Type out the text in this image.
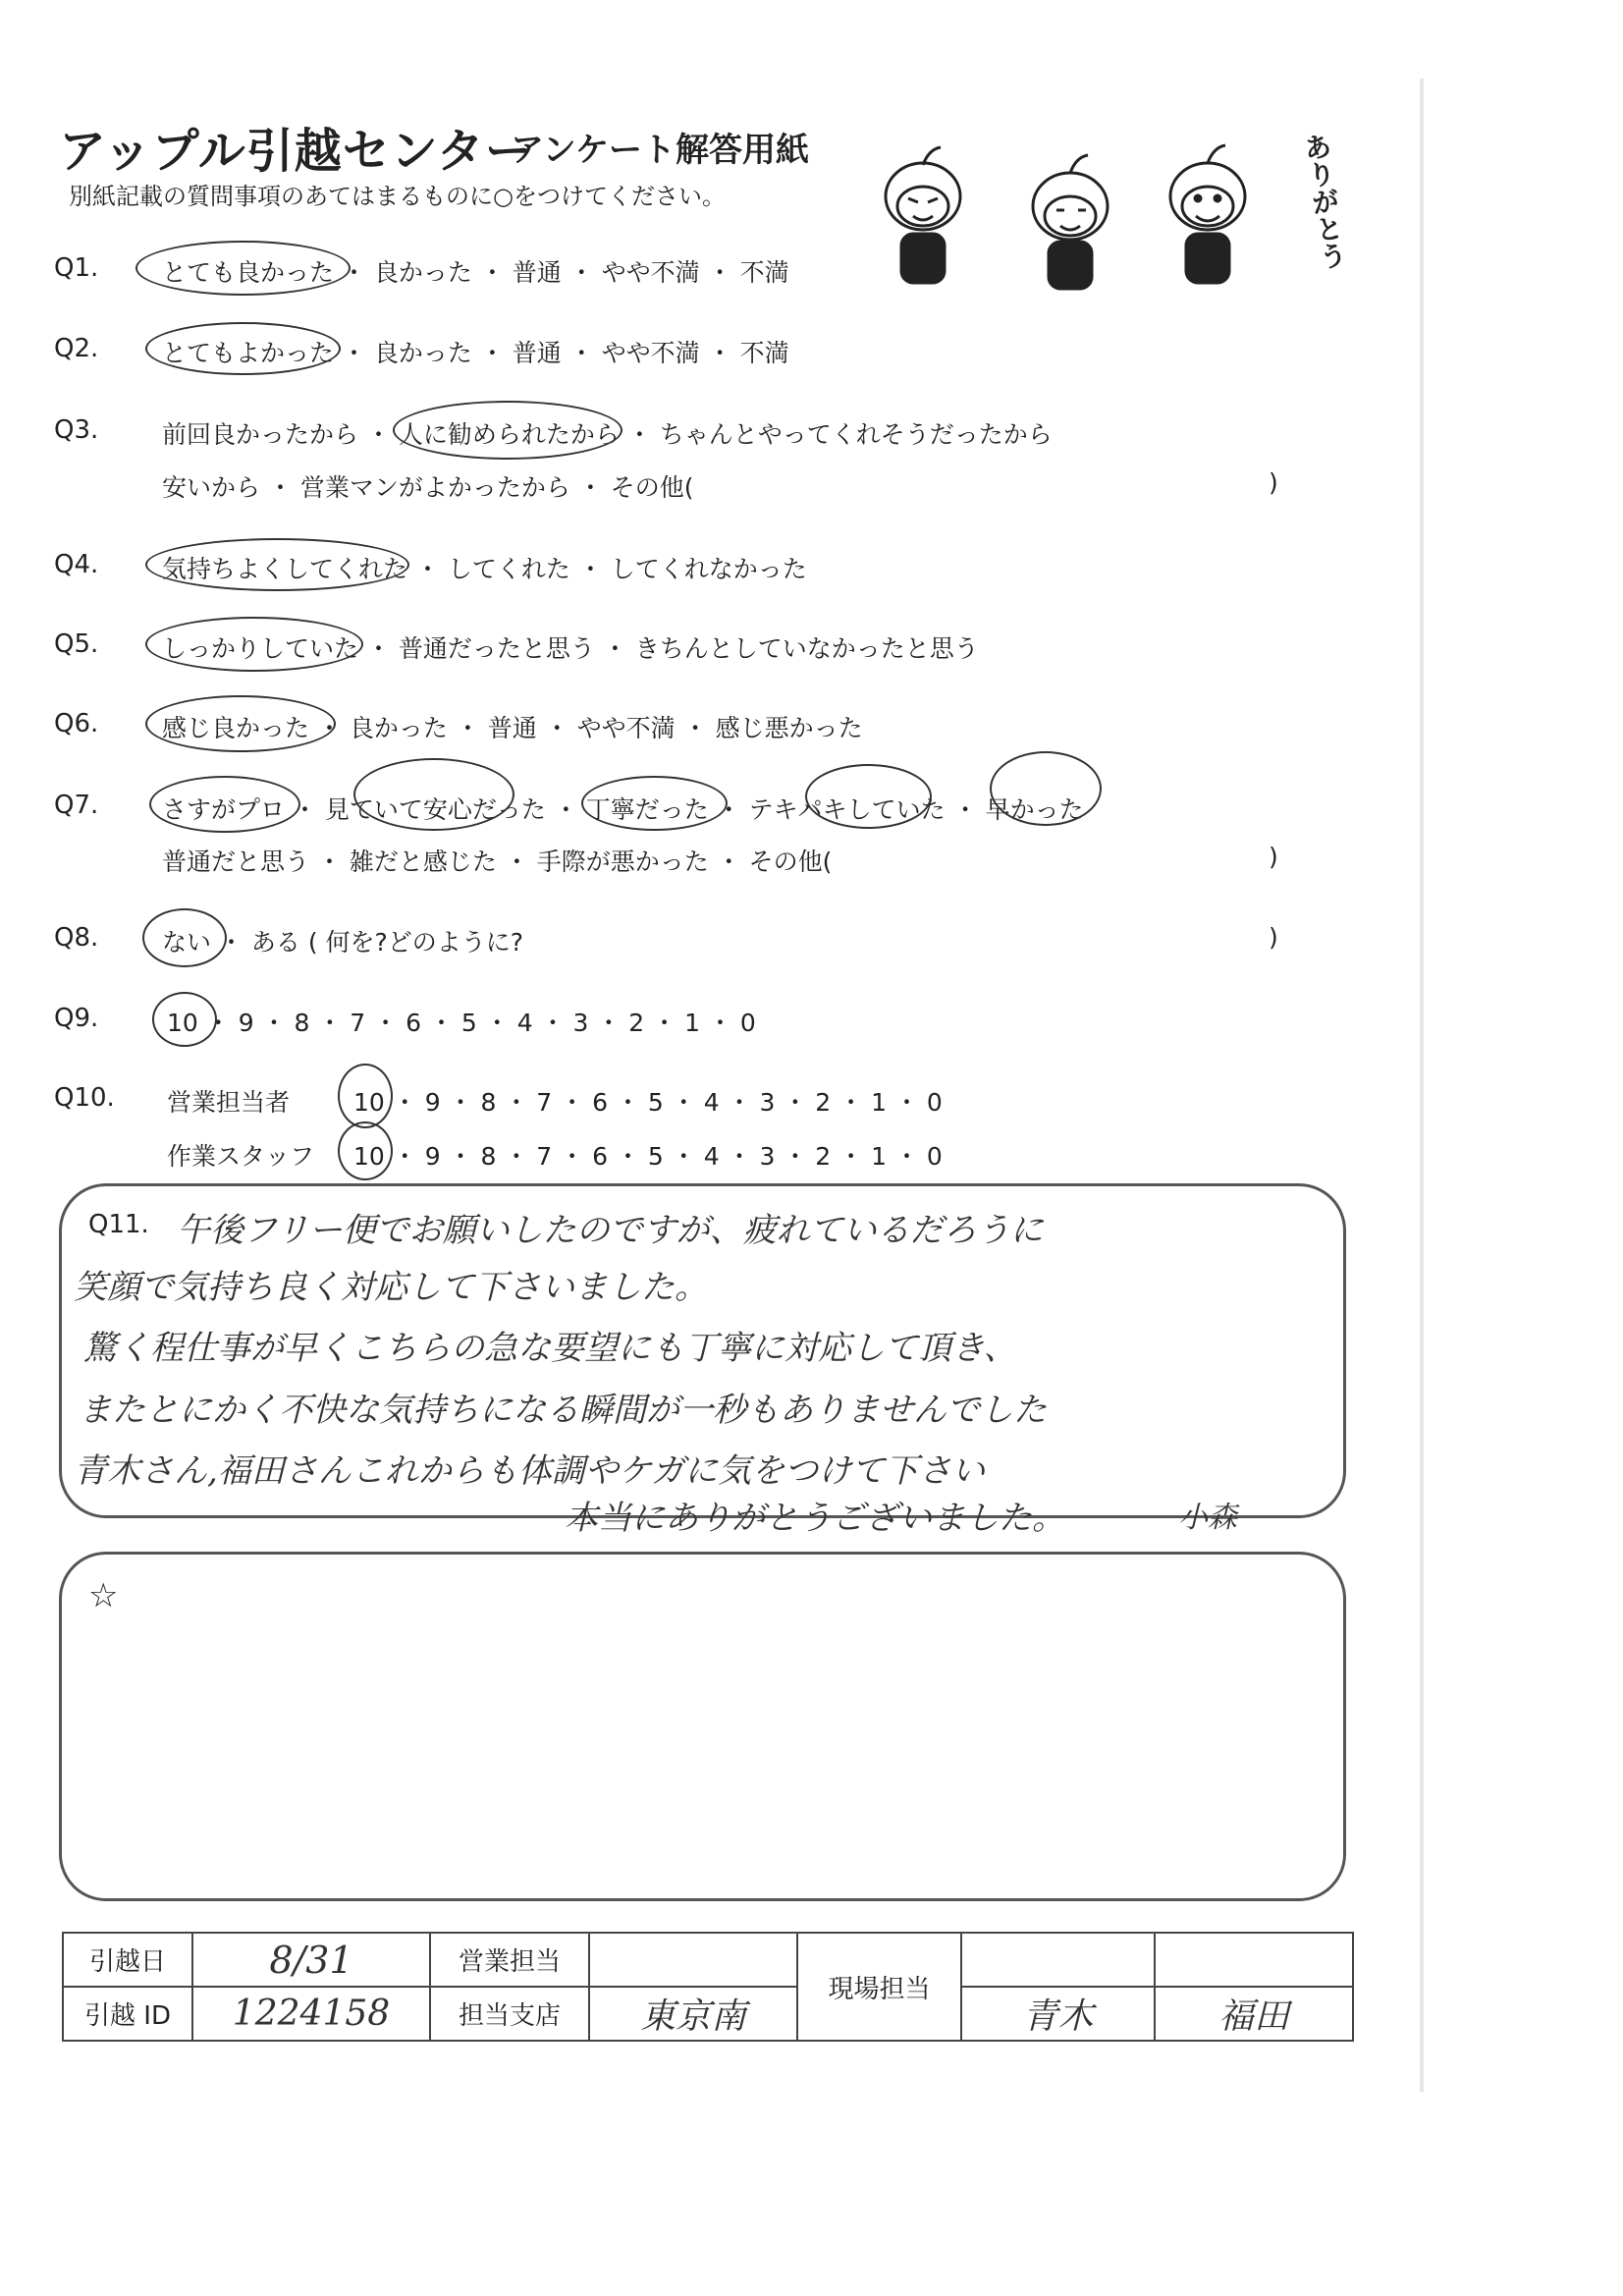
アップル引越センター
アンケート解答用紙
別紙記載の質問事項のあてはまるものに○をつけてください。	ありがとう
Q1.	とても良かった ・ 良かった ・ 普通 ・ やや不満 ・ 不満
Q2.	とてもよかった ・ 良かった ・ 普通 ・ やや不満 ・ 不満
Q3.	前回良かったから ・ 人に勧められたから ・ ちゃんとやってくれそうだったから
安いから ・ 営業マンがよかったから ・ その他(	)
Q4.	気持ちよくしてくれた ・ してくれた ・ してくれなかった
Q5.	しっかりしていた ・ 普通だったと思う ・ きちんとしていなかったと思う
Q6.	感じ良かった ・ 良かった ・ 普通 ・ やや不満 ・ 感じ悪かった
Q7.	さすがプロ ・ 見ていて安心だった ・ 丁寧だった ・ テキパキしていた ・ 早かった
普通だと思う ・ 雑だと感じた ・ 手際が悪かった ・ その他(	)
Q8.	ない ・ ある ( 何を?どのように?	)
Q9.	10 ・ 9 ・ 8 ・ 7 ・ 6 ・ 5 ・ 4 ・ 3 ・ 2 ・ 1 ・ 0
Q10. 営業担当者	10 ・ 9 ・ 8 ・ 7 ・ 6 ・ 5 ・ 4 ・ 3 ・ 2 ・ 1 ・ 0
作業スタッフ 10 ・ 9 ・ 8 ・ 7 ・ 6 ・ 5 ・ 4 ・ 3 ・ 2 ・ 1 ・ 0
Q11. 午後フリー便でお願いしたのですが、疲れているだろうに
笑顔で気持ち良く対応して下さいました。
驚く程仕事が早くこちらの急な要望にも丁寧に対応して頂き、
またとにかく不快な気持ちになる瞬間が一秒もありませんでした
青木さん,福田さんこれからも体調やケガに気をつけて下さい
本当にありがとうございました。	小森
☆
引越日	8/31	営業担当		現場担当		
引越 ID	1224158	担当支店	東京南		青木	福田
